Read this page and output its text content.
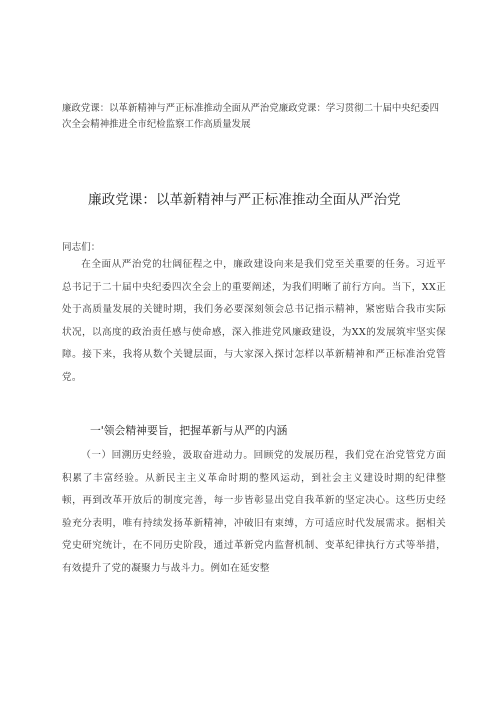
廉政党课：以革新精神与严正标准推动全面从严治党廉政党课：学习贯彻二十届中央纪委四次全会精神推进全市纪检监察工作高质量发展
廉政党课：以革新精神与严正标准推动全面从严治党
同志们：
在全面从严治党的壮阔征程之中，廉政建设向来是我们党至关重要的任务。习近平总书记于二十届中央纪委四次全会上的重要阐述，为我们明晰了前行方向。当下，XX正处于高质量发展的关键时期，我们务必要深刻领会总书记指示精神，紧密贴合我市实际状况，以高度的政治责任感与使命感，深入推进党风廉政建设，为XX的发展筑牢坚实保障。接下来，我将从数个关键层面，与大家深入探讨怎样以革新精神和严正标准治党管党。
一'领会精神要旨，把握革新与从严的内涵
（一）回溯历史经验，汲取奋进动力。回顾党的发展历程，我们党在治党管党方面积累了丰富经验。从新民主主义革命时期的整风运动，到社会主义建设时期的纪律整顿，再到改革开放后的制度完善，每一步皆彰显出党自我革新的坚定决心。这些历史经验充分表明，唯有持续发扬革新精神，冲破旧有束缚，方可适应时代发展需求。据相关党史研究统计，在不同历史阶段，通过革新党内监督机制、变革纪律执行方式等举措，有效提升了党的凝聚力与战斗力。例如在延安整
